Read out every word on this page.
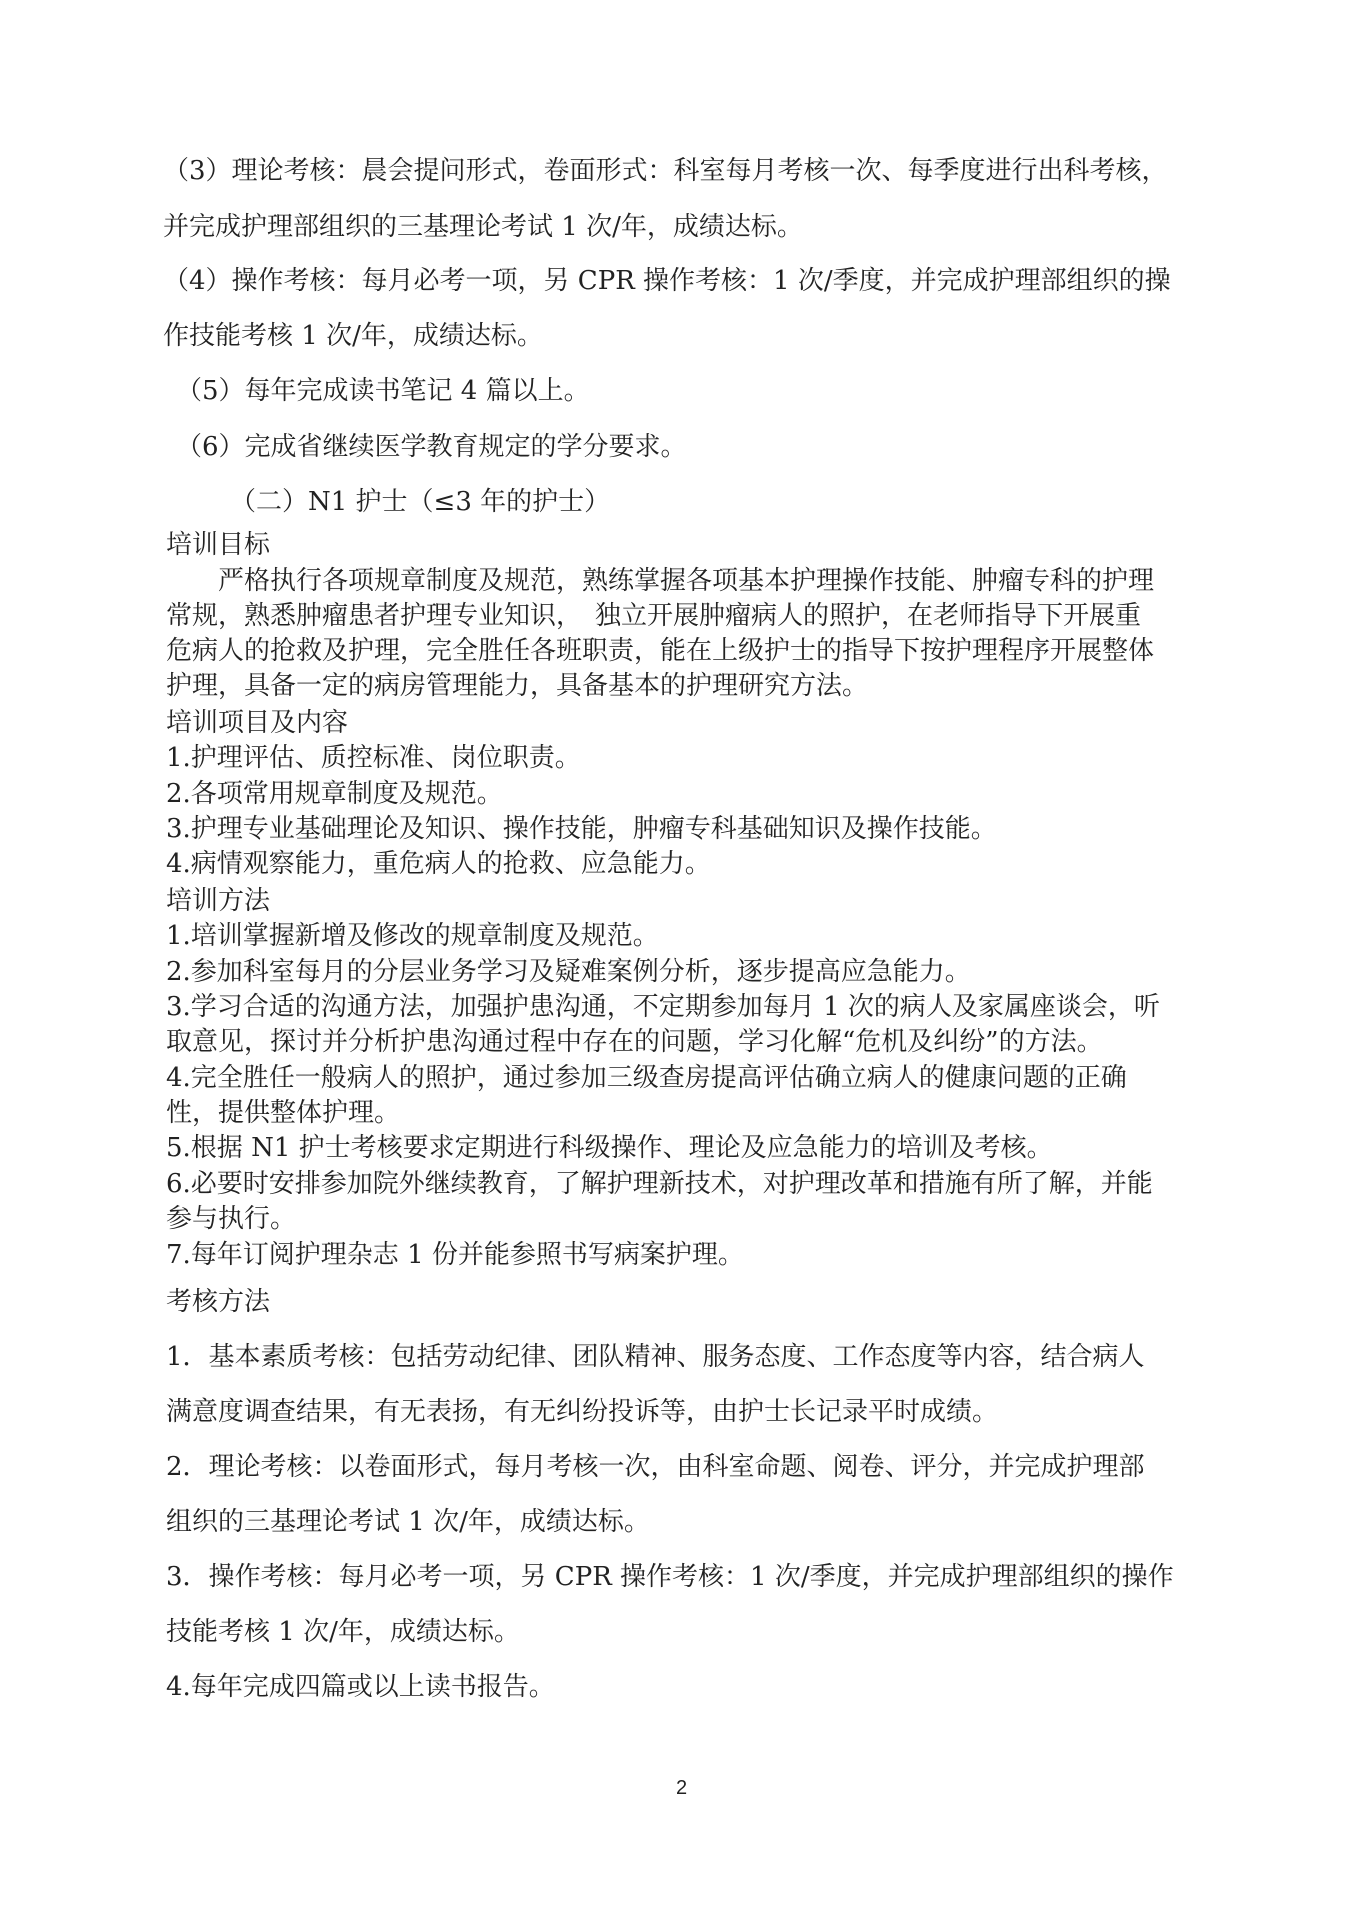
（3）理论考核：晨会提问形式，卷面形式：科室每月考核一次、每季度进行出科考核，
并完成护理部组织的三基理论考试 1 次/年，成绩达标。
（4）操作考核：每月必考一项，另 CPR 操作考核：1 次/季度，并完成护理部组织的操
作技能考核 1 次/年，成绩达标。
（5）每年完成读书笔记 4 篇以上。
（6）完成省继续医学教育规定的学分要求。
（二）N1 护士（≤3 年的护士）
培训目标
严格执行各项规章制度及规范，熟练掌握各项基本护理操作技能、肿瘤专科的护理
常规，熟悉肿瘤患者护理专业知识，　独立开展肿瘤病人的照护，在老师指导下开展重
危病人的抢救及护理，完全胜任各班职责，能在上级护士的指导下按护理程序开展整体
护理，具备一定的病房管理能力，具备基本的护理研究方法。
培训项目及内容
1.护理评估、质控标准、岗位职责。
2.各项常用规章制度及规范。
3.护理专业基础理论及知识、操作技能，肿瘤专科基础知识及操作技能。
4.病情观察能力，重危病人的抢救、应急能力。
培训方法
1.培训掌握新增及修改的规章制度及规范。
2.参加科室每月的分层业务学习及疑难案例分析，逐步提高应急能力。
3.学习合适的沟通方法，加强护患沟通，不定期参加每月 1 次的病人及家属座谈会，听
取意见，探讨并分析护患沟通过程中存在的问题，学习化解“危机及纠纷”的方法。
4.完全胜任一般病人的照护，通过参加三级查房提高评估确立病人的健康问题的正确
性，提供整体护理。
5.根据 N1 护士考核要求定期进行科级操作、理论及应急能力的培训及考核。
6.必要时安排参加院外继续教育，了解护理新技术，对护理改革和措施有所了解，并能
参与执行。
7.每年订阅护理杂志 1 份并能参照书写病案护理。
考核方法
1．基本素质考核：包括劳动纪律、团队精神、服务态度、工作态度等内容，结合病人
满意度调查结果，有无表扬，有无纠纷投诉等，由护士长记录平时成绩。
2．理论考核：以卷面形式，每月考核一次，由科室命题、阅卷、评分，并完成护理部
组织的三基理论考试 1 次/年，成绩达标。
3．操作考核：每月必考一项，另 CPR 操作考核：1 次/季度，并完成护理部组织的操作
技能考核 1 次/年，成绩达标。
4.每年完成四篇或以上读书报告。
2
